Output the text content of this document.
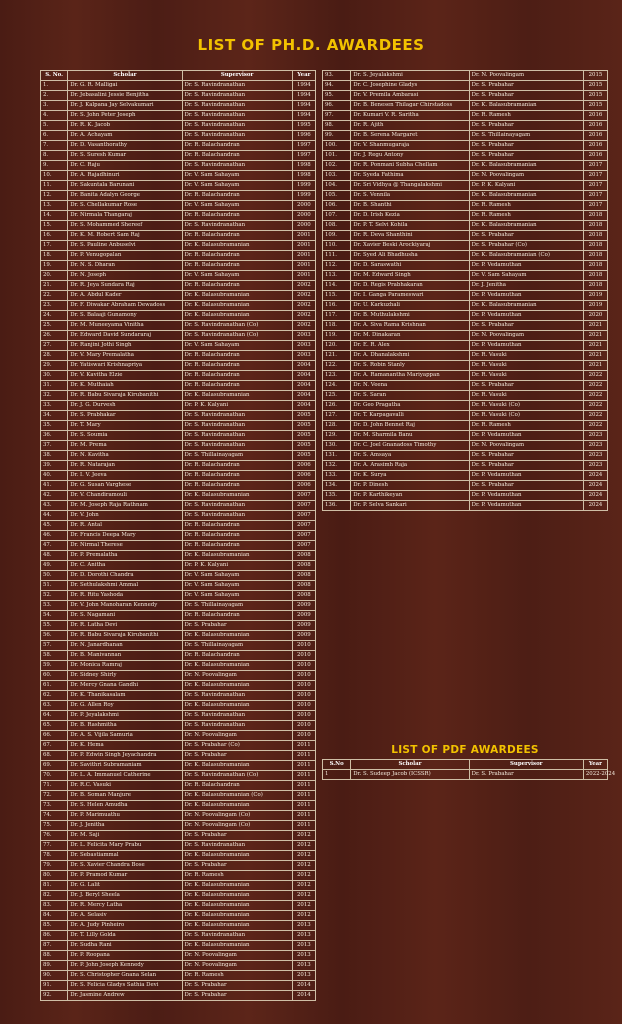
LIST OF PH.D. AWARDEES
S. No.	Scholar	Supervisor	Year
1.	Dr. G. R. Malligai	Dr. S. Ravindranathan	1994
2.	Dr. Jebasalini Jessie Benjitha	Dr. S. Ravindranathan	1994
3.	Dr. J. Kalpana Jay Selvakumari	Dr. S. Ravindranathan	1994
4.	Dr. S. John Peter Joseph	Dr. S. Ravindranathan	1994
5.	Dr. R. K. Jacob	Dr. S. Ravindranathan	1995
6.	Dr. A. Achayam	Dr. S. Ravindranathan	1996
7.	Dr. D. Vasanthorathy	Dr. R. Balachandran	1997
8.	Dr. S. Suresh Kumar	Dr. R. Balachandran	1997
9.	Dr. C. Raju	Dr. S. Ravindranathan	1998
10.	Dr. A. Rajadhinuri	Dr. V. Sam Sahayam	1998
11.	Dr. Sakuntala Barunani	Dr. V. Sam Sahayam	1999
12.	Dr. Banita Adalyn George	Dr. R. Balachandran	1999
13.	Dr. S. Chellakumar Rose	Dr. V. Sam Sahayam	2000
14.	Dr. Nirmala Thangaraj	Dr. R. Balachandran	2000
15.	Dr. S. Mohammed Shereef	Dr. S. Ravindranathan	2000
16.	Dr. K. M. Robert Sam Raj	Dr. R. Balachandran	2001
17.	Dr. S. Pauline Anbuselvi	Dr. K. Balasubramanian	2001
18.	Dr. P. Venugopalan	Dr. R. Balachandran	2001
19.	Dr. N. S. Dharan	Dr. R. Balachandran	2001
20.	Dr. N. Joseph	Dr. V. Sam Sahayam	2001
21.	Dr. R. Jeya Sundara Raj	Dr. R. Balachandran	2002
22.	Dr. A. Abdul Kader	Dr. K. Balasubramanian	2002
23.	Dr. F. Diwakar Abraham Dewadoss	Dr. K. Balasubramanian	2002
24.	Dr. S. Balaaji Gunamony	Dr. K. Balasubramanian	2002
25.	Dr. M. Muneeyama Vinitha	Dr. S. Ravindranathan (Co)	2002
26.	Dr. Edward David Sundararaj	Dr. S. Ravindranathan (Co)	2003
27.	Dr. Ranjini Jothi Singh	Dr. V. Sam Sahayam	2003
28.	Dr. V. Mary Premalatha	Dr. R. Balachandran	2003
29.	Dr. Yatiswari Krishnapriya	Dr. R. Balachandran	2004
30.	Dr. V. Kavitha Elzie	Dr. R. Balachandran	2004
31.	Dr. K. Muthaiah	Dr. R. Balachandran	2004
32.	Dr. R. Babu Sivaraja Kirubanithi	Dr. K. Balasubramanian	2004
33.	Dr. J. G. Durvesh	Dr. P. K. Kalyani	2004
34.	Dr. S. Prabhakar	Dr. S. Ravindranathan	2005
35.	Dr. T. Mary	Dr. S. Ravindranathan	2005
36.	Dr. S. Soumia	Dr. S. Ravindranathan	2005
37.	Dr. M. Prema	Dr. S. Ravindranathan	2005
38.	Dr. N. Kavitha	Dr. S. Thillainayagam	2005
39.	Dr. R. Natarajan	Dr. R. Balachandran	2006
40.	Dr. I. V. Jeeva	Dr. R. Balachandran	2006
41.	Dr. G. Susan Varghese	Dr. R. Balachandran	2006
42.	Dr. V. Chandiramouli	Dr. K. Balasubramanian	2007
43.	Dr. M. Joseph Raja Rathnam	Dr. S. Ravindranathan	2007
44.	Dr. V. John	Dr. S. Ravindranathan	2007
45.	Dr. R. Antal	Dr. R. Balachandran	2007
46.	Dr. Francis Deepa Mary	Dr. R. Balachandran	2007
47.	Dr. Nirmal Therese	Dr. R. Balachandran	2007
48.	Dr. P. Premalatha	Dr. K. Balasubramanian	2008
49.	Dr. C. Anitha	Dr. P. K. Kalyani	2008
50.	Dr. D. Dorothi Chandra	Dr. V. Sam Sahayam	2008
51.	Dr. Sethulakshmi Ammal	Dr. V. Sam Sahayam	2008
52.	Dr. R. Ritu Yashoda	Dr. V. Sam Sahayam	2008
53.	Dr. V. John Manoharan Kennedy	Dr. S. Thillainayagam	2009
54.	Dr. S. Nagamani	Dr. R. Balachandran	2009
55.	Dr. R. Latha Devi	Dr. S. Prabahar	2009
56.	Dr. R. Babu Sivaraja Kirubanithi	Dr. K. Balasubramanian	2009
57.	Dr. N. Janardhanan	Dr. S. Thillainayagam	2010
58.	Dr. B. Manivannan	Dr. R. Balachandran	2010
59.	Dr. Monica Ramraj	Dr. K. Balasubramanian	2010
60.	Dr. Sidney Shirly	Dr. N. Poovalingam	2010
61.	Dr. Mercy Gnana Gandhi	Dr. K. Balasubramanian	2010
62.	Dr. K. Thanikasalam	Dr. S. Ravindranathan	2010
63.	Dr. G. Allen Roy	Dr. K. Balasubramanian	2010
64.	Dr. P. Jeyalakshmi	Dr. S. Ravindranathan	2010
65.	Dr. B. Rashmitha	Dr. S. Ravindranathan	2010
66.	Dr. A. S. Vijila Samuria	Dr. N. Poovalingam	2010
67.	Dr. K. Hema	Dr. S. Prabahar (Co)	2011
68.	Dr. P. Edwin Singh Jeyachandra	Dr. S. Prabahar	2011
69.	Dr. Savithri Subramaniam	Dr. K. Balasubramanian	2011
70.	Dr. L. A. Immanuel Catherine	Dr. S. Ravindranathan (Co)	2011
71.	Dr. R.C. Vasuki	Dr. R. Balachandran	2011
72.	Dr. B. Soman Manjure	Dr. K. Balasubramanian (Co)	2011
73.	Dr. S. Helen Amudha	Dr. K. Balasubramanian	2011
74.	Dr. P. Marimuathu	Dr. N. Poovalingam (Co)	2011
75.	Dr. J. Jenitha	Dr. N. Poovalingam (Co)	2011
76.	Dr. M. Saji	Dr. S. Prabahar	2012
77.	Dr. L. Felicita Mary Prabu	Dr. S. Ravindranathan	2012
78.	Dr. Sebastiammal	Dr. K. Balasubramanian	2012
79.	Dr. S. Xavier Chandra Bose	Dr. S. Prabahar	2012
80.	Dr. P. Pramod Kumar	Dr. R. Ramesh	2012
81.	Dr. G. Lalit	Dr. K. Balasubramanian	2012
82.	Dr. J. Beryl Sheela	Dr. K. Balasubramanian	2012
83.	Dr. R. Mercy Latha	Dr. K. Balasubramanian	2012
84.	Dr. A. Selasiv	Dr. K. Balasubramanian	2012
85.	Dr. A. Judy Pinheiro	Dr. K. Balasubramanian	2013
86.	Dr. T. Lilly Golda	Dr. S. Ravindranathan	2013
87.	Dr. Sudha Rani	Dr. K. Balasubramanian	2013
88.	Dr. P. Roopana	Dr. N. Poovalingam	2013
89.	Dr. P. John Joseph Kennedy	Dr. N. Poovalingam	2013
90.	Dr. S. Christopher Gnana Selan	Dr. R. Ramesh	2013
91.	Dr. S. Felicia Gladys Sathia Devi	Dr. S. Prabahar	2014
92.	Dr. Jasmine Andrew	Dr. S. Prabahar	2014
93.	Dr. S. Jeyalakshmi	Dr. N. Poovalingam	2015
94.	Dr. C. Josephine Gladys	Dr. S. Prabahar	2015
95.	Dr. V. Premila Ambarasi	Dr. S. Prabahar	2015
96.	Dr. B. Benesen Thilagar Chirstadoss	Dr. K. Balasubramanian	2015
97.	Dr. Kumari V. R. Saritha	Dr. R. Ramesh	2016
98.	Dr. R. Ajith	Dr. S. Prabahar	2016
99.	Dr. B. Serena Margaret	Dr. S. Thillainayagam	2016
100.	Dr. V. Shanmugaraja	Dr. S. Prabahar	2016
101.	Dr. J. Regu Antony	Dr. S. Prabahar	2016
102.	Dr. R. Ponmani Subha Chellam	Dr. K. Balasubramanian	2017
103.	Dr. Syeda Fathima	Dr. N. Poovalingam	2017
104.	Dr. Sri Vidhya @ Thangalakshmi	Dr. P. K. Kalyani	2017
105.	Dr. S. Vennila	Dr. K. Balasubramanian	2017
106.	Dr. B. Shanthi	Dr. R. Ramesh	2017
107.	Dr. D. Irish Kezia	Dr. R. Ramesh	2018
108.	Dr. P. T. Selvi Kohila	Dr. K. Balasubramanian	2018
109.	Dr. R. Deva Shanthini	Dr. S. Prabahar	2018
110.	Dr. Xavier Beski Arockiyaraj	Dr. S. Prabahar (Co)	2018
111.	Dr. Syed Ali Bhadhusha	Dr. K. Balasubramanian (Co)	2018
112.	Dr. D. Saraswathi	Dr. P. Vedamuthan	2018
113.	Dr. M. Edward Singh	Dr. V. Sam Sahayam	2018
114.	Dr. D. Regis Prabhakaran	Dr. J. Jenitha	2018
115.	Dr. I. Ganga Parameswari	Dr. P. Vedamuthan	2019
116.	Dr. U. Karkuzhali	Dr. K. Balasubramanian	2019
117.	Dr. B. Muthulakshmi	Dr. P. Vedamuthan	2020
118.	Dr. A. Siva Rama Krishnan	Dr. S. Prabahar	2021
119.	Dr. M. Dinakaran	Dr. N. Poovalingam	2021
120.	Dr. E. R. Alex	Dr. P. Vedamuthan	2021
121.	Dr. A. Dhanalakshmi	Dr. R. Vasuki	2021
122.	Dr. S. Robin Stanly	Dr. R. Vasuki	2021
123.	Dr. A. Ramanantha Mariyappan	Dr. R. Vasuki	2022
124.	Dr. N. Veena	Dr. S. Prabahar	2022
125.	Dr. S. Saran	Dr. R. Vasuki	2022
126.	Dr. Geo Pragatha	Dr. R. Vasuki (Co)	2022
127.	Dr. T. Karpagavalli	Dr. R. Vasuki (Co)	2022
128.	Dr. D. John Bennet Raj	Dr. R. Ramesh	2022
129.	Dr. M. Sharmila Banu	Dr. P. Vedamuthan	2023
130.	Dr. C. Joel Gnanadoss Timothy	Dr. N. Poovalingam	2023
131.	Dr. S. Amsaya	Dr. S. Prabahar	2023
132.	Dr. A. Arasimh Raja	Dr. S. Prabahar	2023
133.	Dr. K. Surya	Dr. P. Vedamuthan	2024
134.	Dr. P. Dinesh	Dr. S. Prabahar	2024
135.	Dr. P. Karthikeyan	Dr. P. Vedamuthan	2024
136.	Dr. P. Selva Sankari	Dr. P. Vedamuthan	2024
LIST OF PDF AWARDEES
S.No	Scholar	Supervisor	Year
1	Dr. S. Sudeep Jacob (ICSSR)	Dr. S. Prabahar	2022-2024
